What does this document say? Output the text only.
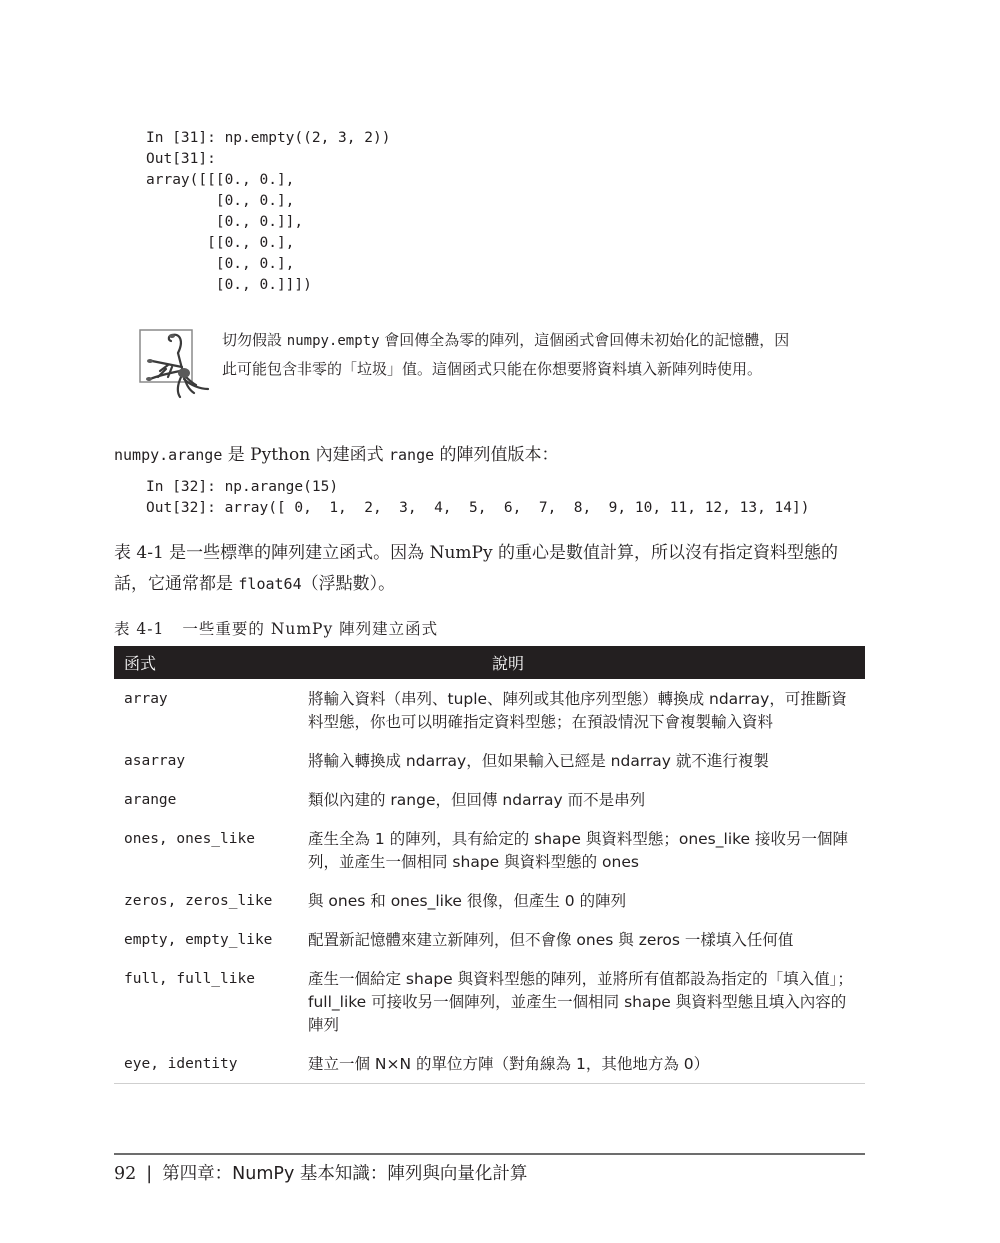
In [31]: np.empty((2, 3, 2))
Out[31]:
array([[[0., 0.],
[0., 0.],
[0., 0.]],
[[0., 0.],
[0., 0.],
[0., 0.]]])
切勿假設 numpy.empty 會回傳全為零的陣列，這個函式會回傳未初始化的記憶體，因此可能包含非零的「垃圾」值。這個函式只能在你想要將資料填入新陣列時使用。
numpy.arange 是 Python 內建函式 range 的陣列值版本：
In [32]: np.arange(15)
Out[32]: array([ 0,  1,  2,  3,  4,  5,  6,  7,  8,  9, 10, 11, 12, 13, 14])
表 4-1 是一些標準的陣列建立函式。因為 NumPy 的重心是數值計算，所以沒有指定資料型態的話，它通常都是 float64（浮點數）。
表 4-1 一些重要的 NumPy 陣列建立函式
函式	說明
array	將輸入資料（串列、tuple、陣列或其他序列型態）轉換成 ndarray，可推斷資料型態，你也可以明確指定資料型態；在預設情況下會複製輸入資料
asarray	將輸入轉換成 ndarray，但如果輸入已經是 ndarray 就不進行複製
arange	類似內建的 range，但回傳 ndarray 而不是串列
ones, ones_like	產生全為 1 的陣列，具有給定的 shape 與資料型態；ones_like 接收另一個陣列，並產生一個相同 shape 與資料型態的 ones
zeros, zeros_like	與 ones 和 ones_like 很像，但產生 0 的陣列
empty, empty_like	配置新記憶體來建立新陣列，但不會像 ones 與 zeros 一樣填入任何值
full, full_like	產生一個給定 shape 與資料型態的陣列，並將所有值都設為指定的「填入值」；full_like 可接收另一個陣列，並產生一個相同 shape 與資料型態且填入內容的陣列
eye, identity	建立一個 N×N 的單位方陣（對角線為 1，其他地方為 0）
92 | 第四章：NumPy 基本知識：陣列與向量化計算
